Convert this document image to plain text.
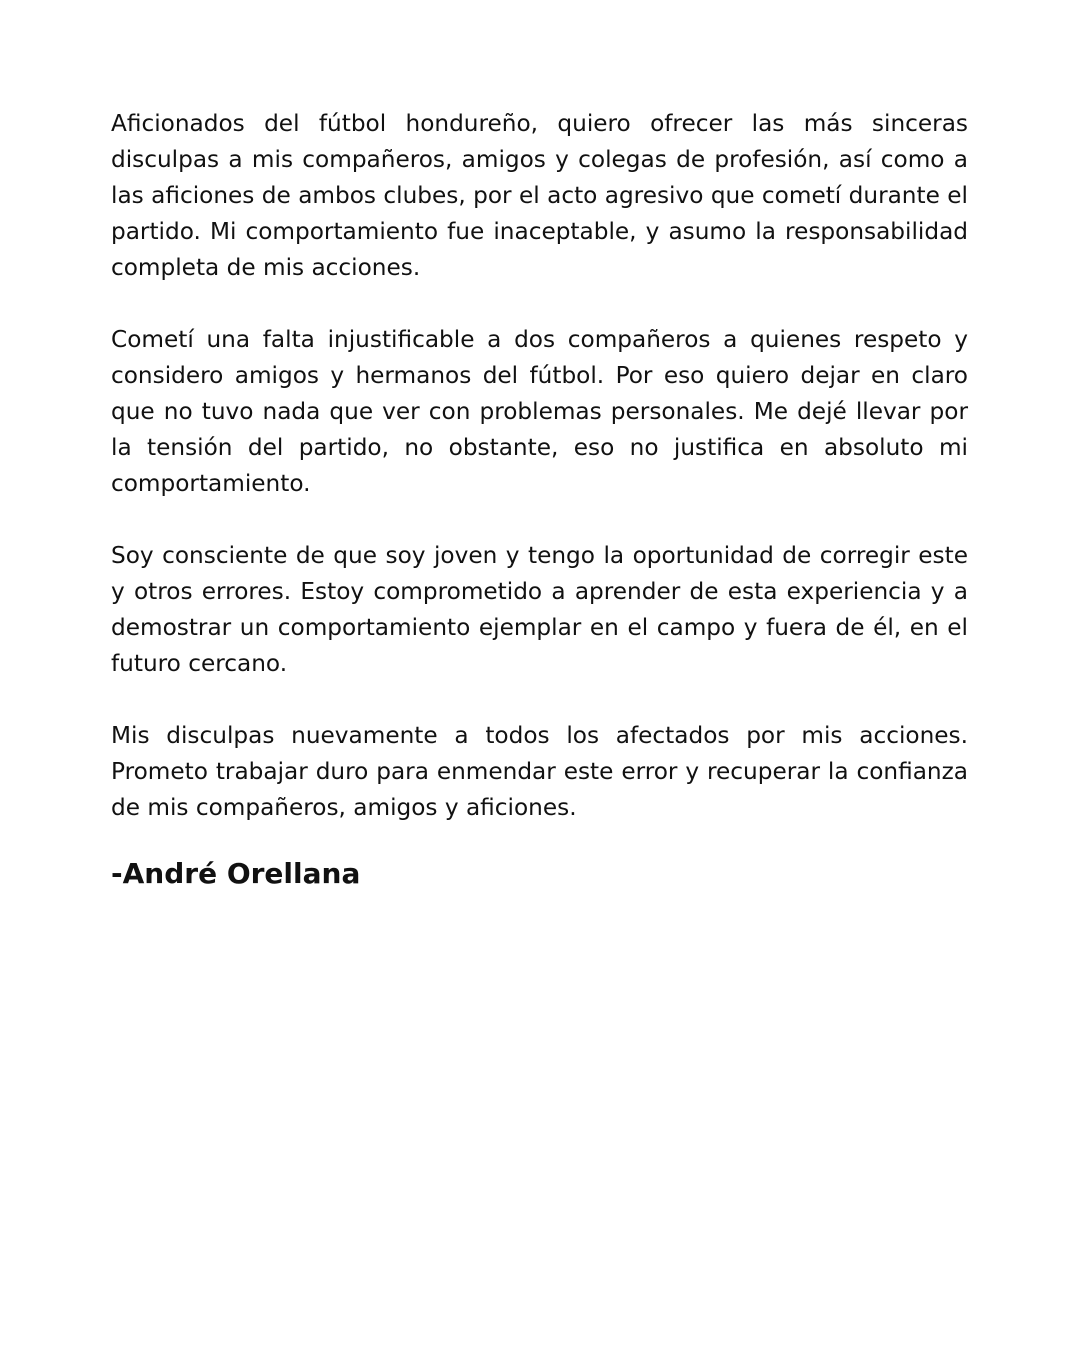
Aficionados del fútbol hondureño, quiero ofrecer las más sinceras disculpas a mis compañeros, amigos y colegas de profesión, así como a las aficiones de ambos clubes, por el acto agresivo que cometí durante el partido. Mi comportamiento fue inaceptable, y asumo la responsabilidad completa de mis acciones.

Cometí una falta injustificable a dos compañeros a quienes respeto y considero amigos y hermanos del fútbol. Por eso quiero dejar en claro que no tuvo nada que ver con problemas personales. Me dejé llevar por la tensión del partido, no obstante, eso no justifica en absoluto mi comportamiento.

Soy consciente de que soy joven y tengo la oportunidad de corregir este y otros errores. Estoy comprometido a aprender de esta experiencia y a demostrar un comportamiento ejemplar en el campo y fuera de él, en el futuro cercano.

Mis disculpas nuevamente a todos los afectados por mis acciones. Prometo trabajar duro para enmendar este error y recuperar la confianza de mis compañeros, amigos y aficiones.

-André Orellana
